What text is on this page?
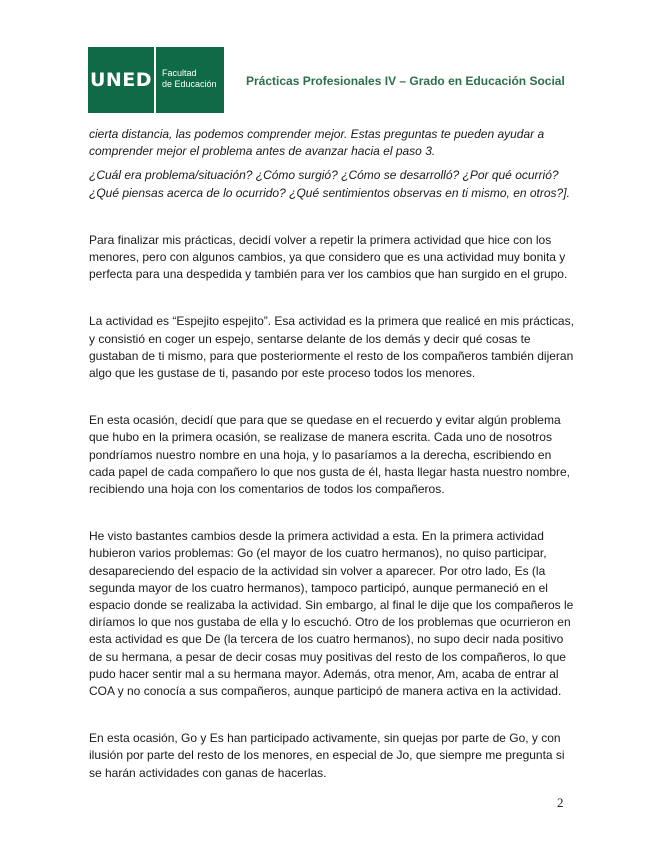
UNED Facultad
de Educación	Prácticas Profesionales IV – Grado en Educación Social

cierta distancia, las podemos comprender mejor. Estas preguntas te pueden ayudar a comprender mejor el problema antes de avanzar hacia el paso 3.

¿Cuál era problema/situación? ¿Cómo surgió? ¿Cómo se desarrolló? ¿Por qué ocurrió? ¿Qué piensas acerca de lo ocurrido? ¿Qué sentimientos observas en ti mismo, en otros?].

Para finalizar mis prácticas, decidí volver a repetir la primera actividad que hice con los menores, pero con algunos cambios, ya que considero que es una actividad muy bonita y perfecta para una despedida y también para ver los cambios que han surgido en el grupo.

La actividad es “Espejito espejito”. Esa actividad es la primera que realicé en mis prácticas, y consistió en coger un espejo, sentarse delante de los demás y decir qué cosas te gustaban de ti mismo, para que posteriormente el resto de los compañeros también dijeran algo que les gustase de ti, pasando por este proceso todos los menores.

En esta ocasión, decidí que para que se quedase en el recuerdo y evitar algún problema que hubo en la primera ocasión, se realizase de manera escrita. Cada uno de nosotros pondríamos nuestro nombre en una hoja, y lo pasaríamos a la derecha, escribiendo en cada papel de cada compañero lo que nos gusta de él, hasta llegar hasta nuestro nombre, recibiendo una hoja con los comentarios de todos los compañeros.

He visto bastantes cambios desde la primera actividad a esta. En la primera actividad hubieron varios problemas: Go (el mayor de los cuatro hermanos), no quiso participar, desapareciendo del espacio de la actividad sin volver a aparecer. Por otro lado, Es (la segunda mayor de los cuatro hermanos), tampoco participó, aunque permaneció en el espacio donde se realizaba la actividad. Sin embargo, al final le dije que los compañeros le diríamos lo que nos gustaba de ella y lo escuchó. Otro de los problemas que ocurrieron en esta actividad es que De (la tercera de los cuatro hermanos), no supo decir nada positivo de su hermana, a pesar de decir cosas muy positivas del resto de los compañeros, lo que pudo hacer sentir mal a su hermana mayor. Además, otra menor, Am, acaba de entrar al COA y no conocía a sus compañeros, aunque participó de manera activa en la actividad.

En esta ocasión, Go y Es han participado activamente, sin quejas por parte de Go, y con ilusión por parte del resto de los menores, en especial de Jo, que siempre me pregunta si se harán actividades con ganas de hacerlas.

2
